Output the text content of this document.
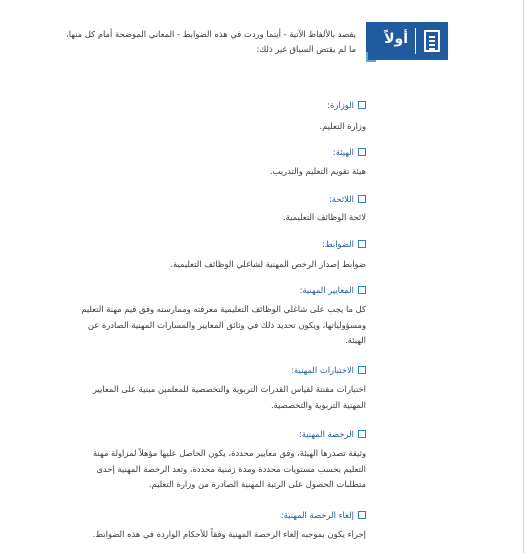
أولاً
يقصد بالألفاظ الآتية - أينما وردت في هذه الضوابط - المعاني الموضحة أمام كل منها، ما لم يقتض السياق غير ذلك:
الوزارة:
وزارة التعليم.
الهيئة:
هيئة تقويم التعليم والتدريب.
اللائحة:
لائحة الوظائف التعليمية.
الضوابط:
ضوابط إصدار الرخص المهنية لشاغلي الوظائف التعليمية.
المعايير المهنية:
كل ما يجب على شاغلي الوظائف التعليمية معرفته وممارسته وفق قيم مهنة التعليم ومسؤولياتها، ويكون تحديد ذلك في وثائق المعايير والمسارات المهنية الصادرة عن الهيئة.
الاختبارات المهنية:
اختبارات مقننة لقياس القدرات التربوية والتخصصية للمعلمين مبنية على المعايير المهنية التربوية والتخصصية.
الرخصة المهنية:
وثيقة تصدرها الهيئة، وفق معايير محددة، يكون الحاصل عليها مؤهلاً لمزاولة مهنة التعليم بحسب مستويات محددة ومدة زمنية محددة، وتعد الرخصة المهنية إحدى متطلبات الحصول على الرتبة المهنية الصادرة من وزارة التعليم.
إلغاء الرخصة المهنية:
إجراء يكون بموجبه إلغاء الرخصة المهنية وفقاً للأحكام الواردة في هذه الضوابط.
